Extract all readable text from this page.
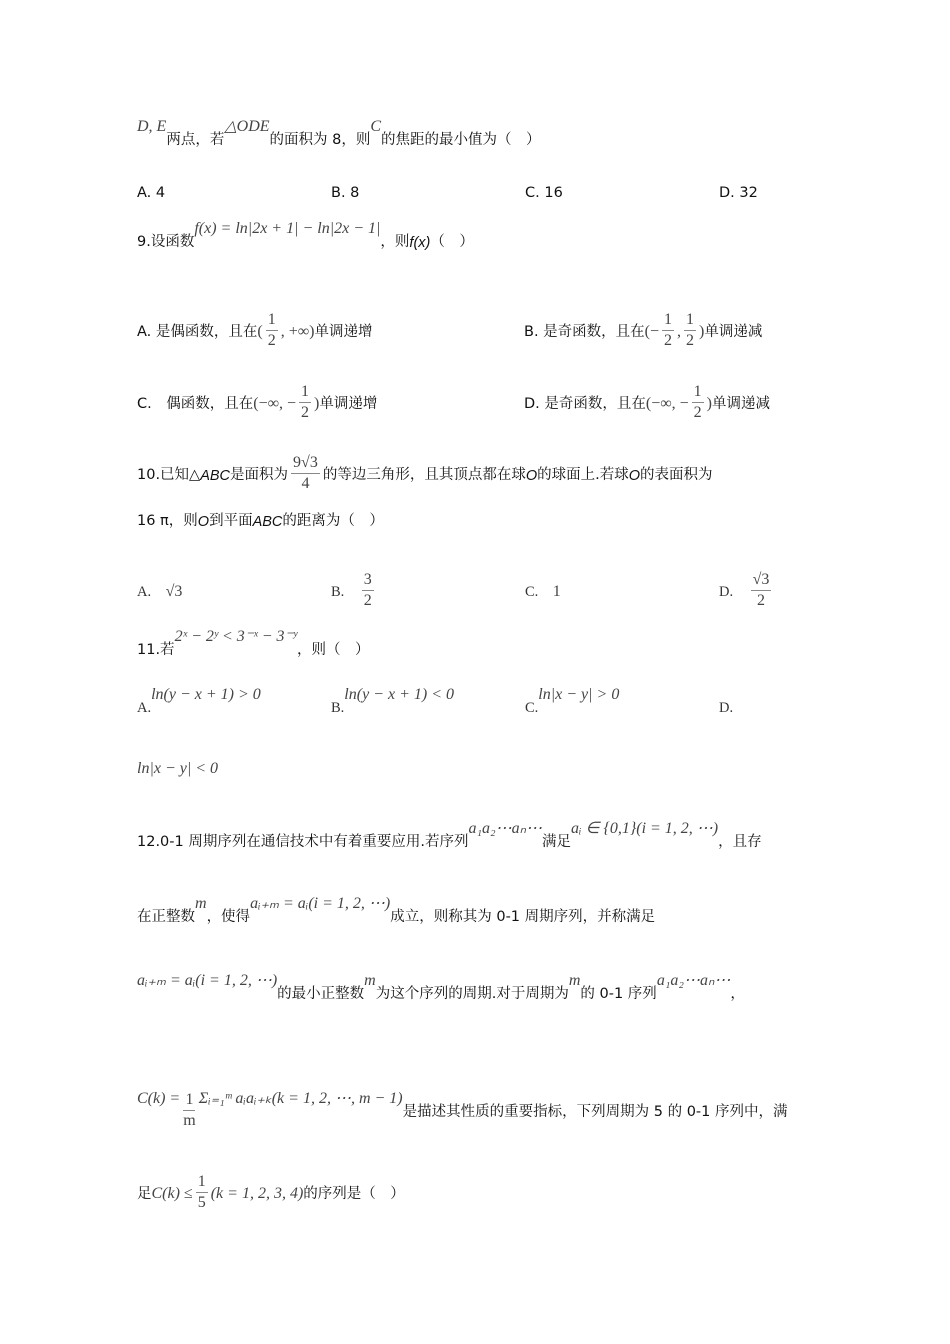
D, E
两点，若
△ODE
的面积为 8，则
C
的焦距的最小值为（　）
A. 4	B. 8	C. 16	D. 32
9.设函数
f(x) = ln|2x + 1| − ln|2x − 1|
，则 f(x) （　）
A. 是偶函数，且在 ( $\frac{1}{2}$ , +∞) 单调递增	B. 是奇函数，且在 (− $\frac{1}{2}$ , $\frac{1}{2}$ ) 单调递减
C.　偶函数，且在 (−∞, − $\frac{1}{2}$ ) 单调递增	D. 是奇函数，且在 (−∞, − $\frac{1}{2}$ ) 单调递减
10.已知△ ABC 是面积为 $\frac{9√3}{4}$ 的等边三角形，且其顶点都在球 O 的球面上.若球 O 的表面积为
16 π，则 O 到平面 ABC 的距离为（　）
A.　 √3	B.　 $\frac{3}{2}$	C.　 1	D.　 $\frac{√3}{2}$
11.若
2ˣ − 2ʸ < 3⁻ˣ − 3⁻ʸ
，则（　）
A.
ln(y − x + 1) > 0
B.
ln(y − x + 1) < 0
C.
ln|x − y| > 0
D.
ln|x − y| < 0
12.0-1 周期序列在通信技术中有着重要应用.若序列
a₁a₂⋯aₙ⋯
满足
aᵢ ∈ {0,1}(i = 1, 2, ⋯)
，且存
在正整数
m
，使得
aᵢ₊ₘ = aᵢ(i = 1, 2, ⋯)
成立，则称其为 0-1 周期序列，并称满足
aᵢ₊ₘ = aᵢ(i = 1, 2, ⋯)
的最小正整数
m
为这个序列的周期.对于周期为
m
的 0-1 序列
a₁a₂⋯aₙ⋯
，
$C(k) = \frac{1}{m}$ Σᵢ₌₁ᵐ aᵢaᵢ₊ₖ(k = 1, 2, ⋯, m − 1)
是描述其性质的重要指标，下列周期为 5 的 0-1 序列中，满
足 $C(k) \le \frac{1}{5} (k = 1$, 2, 3, 4) 的序列是（　）
